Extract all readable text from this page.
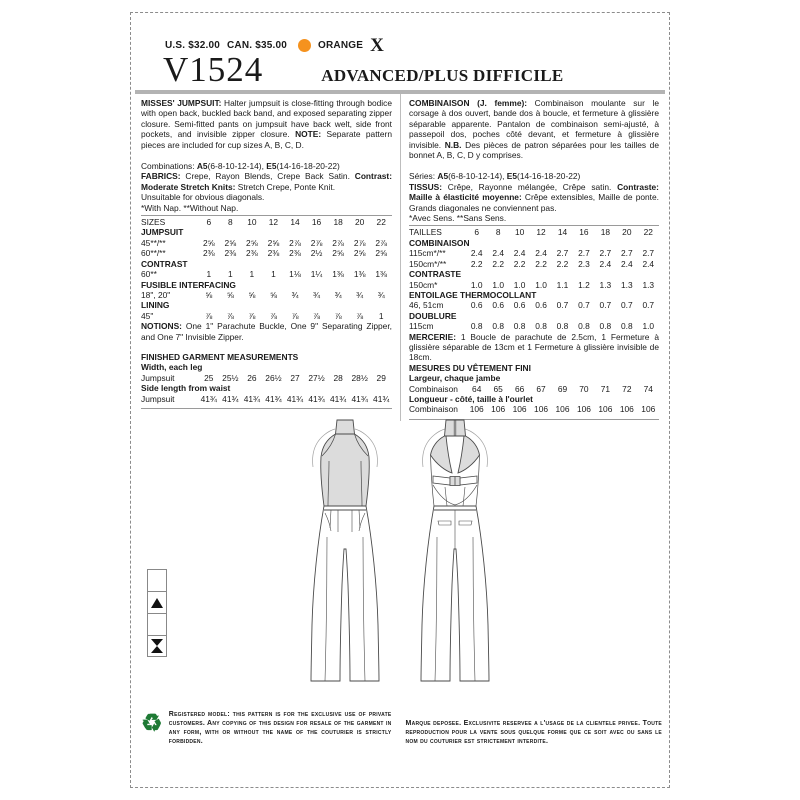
U.S. $32.00 CAN. $35.00	ORANGE X
V1524	ADVANCED/PLUS DIFFICILE
MISSES' JUMPSUIT: Halter jumpsuit is close-fitting through bodice with open back, buckled back band, and exposed separating zipper closure. Semi-fitted pants on jumpsuit have back welt, side front pockets, and invisible zipper closure. NOTE: Separate pattern pieces are included for cup sizes A, B, C, D.
Combinations: A5(6-8-10-12-14), E5(14-16-18-20-22)
FABRICS: Crepe, Rayon Blends, Crepe Back Satin. Contrast: Moderate Stretch Knits: Stretch Crepe, Ponte Knit.
Unsuitable for obvious diagonals.
*With Nap. **Without Nap.
SIZES	6	8	10	12	14	16	18	20	22
JUMPSUIT
45**/**	2⅝	2⅝	2⅝	2⅝	2⅞	2⅞	2⅞	2⅞	2⅞
60**/**	2⅜	2⅜	2⅜	2⅜	2⅜	2½	2⅝	2⅝	2⅝
CONTRAST
60**	1	1	1	1	1⅛	1¼	1⅜	1⅜	1⅜
FUSIBLE INTERFACING
18", 20"	⅝	⅝	⅝	⅝	¾	¾	¾	¾	¾
LINING
45"	⅞	⅞	⅞	⅞	⅞	⅞	⅞	⅞	1
NOTIONS: One 1" Parachute Buckle, One 9" Separating Zipper, and One 7" Invisible Zipper.
FINISHED GARMENT MEASUREMENTS
Width, each leg
Jumpsuit	25	25½	26	26½	27	27½	28	28½	29
Side length from waist
Jumpsuit	41¾ 41¾ 41¾ 41¾ 41¾ 41¾ 41¾ 41¾ 41¾
COMBINAISON (J. femme): Combinaison moulante sur le corsage à dos ouvert, bande dos à boucle, et fermeture à glissière séparable apparente. Pantalon de combinaison semi-ajusté, à passepoil dos, poches côté devant, et fermeture à glissière invisible. N.B. Des pièces de patron séparées pour les tailles de bonnet A, B, C, D y comprises.
Séries: A5(6-8-10-12-14), E5(14-16-18-20-22)
TISSUS: Crêpe, Rayonne mélangée, Crêpe satin. Contraste: Maille à élasticité moyenne: Crêpe extensibles, Maille de ponte. Grands diagonales ne conviennent pas.
*Avec Sens. **Sans Sens.
TAILLES	6	8	10	12	14	16	18	20	22
COMBINAISON
115cm*/**	2.4	2.4	2.4	2.4	2.7	2.7	2.7	2.7	2.7
150cm*/**	2.2	2.2	2.2	2.2	2.2	2.3	2.4	2.4	2.4
CONTRASTE
150cm*	1.0	1.0	1.0	1.0	1.1	1.2	1.3	1.3	1.3
ENTOILAGE THERMOCOLLANT
46, 51cm	0.6	0.6	0.6	0.6	0.7	0.7	0.7	0.7	0.7
DOUBLURE
115cm	0.8	0.8	0.8	0.8	0.8	0.8	0.8	0.8	1.0
MERCERIE: 1 Boucle de parachute de 2.5cm, 1 Fermeture à glissière séparable de 13cm et 1 Fermeture à glissière invisible de 18cm.
MESURES DU VÊTEMENT FINI
Largeur, chaque jambe
Combinaison	64	65	66	67	69	70	71	72	74
Longueur - côté, taille à l'ourlet
Combinaison	106 106 106 106 106 106 106 106 106
♻ Registered model: this pattern is for the exclusive use of private customers. Any copying of this design for resale of the garment in any form, with or without the name of the couturier is strictly forbidden.
Marque deposee. Exclusivite reservee a l'usage de la clientele privee. Toute reproduction pour la vente sous quelque forme que ce soit avec ou sans le nom du couturier est strictement interdite.
